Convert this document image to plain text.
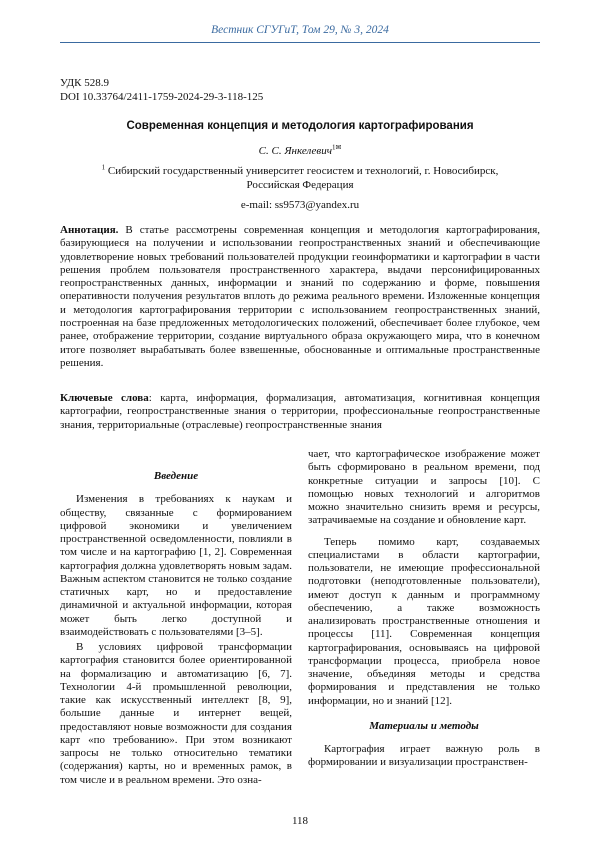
Вестник СГУГиТ, Том 29, № 3, 2024
УДК 528.9
DOI 10.33764/2411-1759-2024-29-3-118-125
Современная концепция и методология картографирования
С. С. Янкелевич$^{1✉}$
$^1$ Сибирский государственный университет геосистем и технологий, г. Новосибирск,
Российская Федерация
e-mail: ss9573@yandex.ru
Аннотация. В статье рассмотрены современная концепция и методология картографирования, базирующиеся на получении и использовании геопространственных знаний и обеспечивающие удовлетворение новых требований пользователей продукции геоинформатики и картографии в части решения проблем пользователя пространственного характера, выдачи персонифицированных геопространственных данных, информации и знаний по содержанию и форме, повышения оперативности получения результатов вплоть до режима реального времени. Изложенные концепция и методология картографирования территории с использованием геопространственных знаний, построенная на базе предложенных методологических положений, обеспечивает более глубокое, чем ранее, отображение территории, создание виртуального образа окружающего мира, что в конечном итоге позволяет вырабатывать более взвешенные, обоснованные и оптимальные пространственные решения.
Ключевые слова: карта, информация, формализация, автоматизация, когнитивная концепция картографии, геопространственные знания о территории, профессиональные геопространственные знания, территориальные (отраслевые) геопространственные знания

Введение

Изменения в требованиях к наукам и обществу, связанные с формированием цифровой экономики и увеличением пространственной осведомленности, повлияли в том числе и на картографию [1, 2]. Современная картография должна удовлетворять новым задам. Важным аспектом становится не только создание статичных карт, но и предоставление динамичной и актуальной информации, которая может быть легко доступной и взаимодействовать с пользователями [3–5].

В условиях цифровой трансформации картография становится более ориентированной на формализацию и автоматизацию [6, 7]. Технологии 4-й промышленной революции, такие как искусственный интеллект [8, 9], большие данные и интернет вещей, предоставляют новые возможности для создания карт «по требованию». При этом возникают запросы не только относительно тематики (содержания) карты, но и временных рамок, в том числе и в реальном времени. Это озна-

чает, что картографическое изображение может быть сформировано в реальном времени, под конкретные ситуации и запросы [10]. С помощью новых технологий и алгоритмов можно значительно снизить время и ресурсы, затрачиваемые на создание и обновление карт.

Теперь помимо карт, создаваемых специалистами в области картографии, пользователи, не имеющие профессиональной подготовки (неподготовленные пользователи), имеют доступ к данным и программному обеспечению, а также возможность анализировать пространственные отношения и процессы [11]. Современная концепция картографирования, основываясь на цифровой трансформации процесса, приобрела новое значение, объединяя методы и средства формирования и представления не только информации, но и знаний [12].

Материалы и методы

Картография играет важную роль в формировании и визуализации пространствен-

118
